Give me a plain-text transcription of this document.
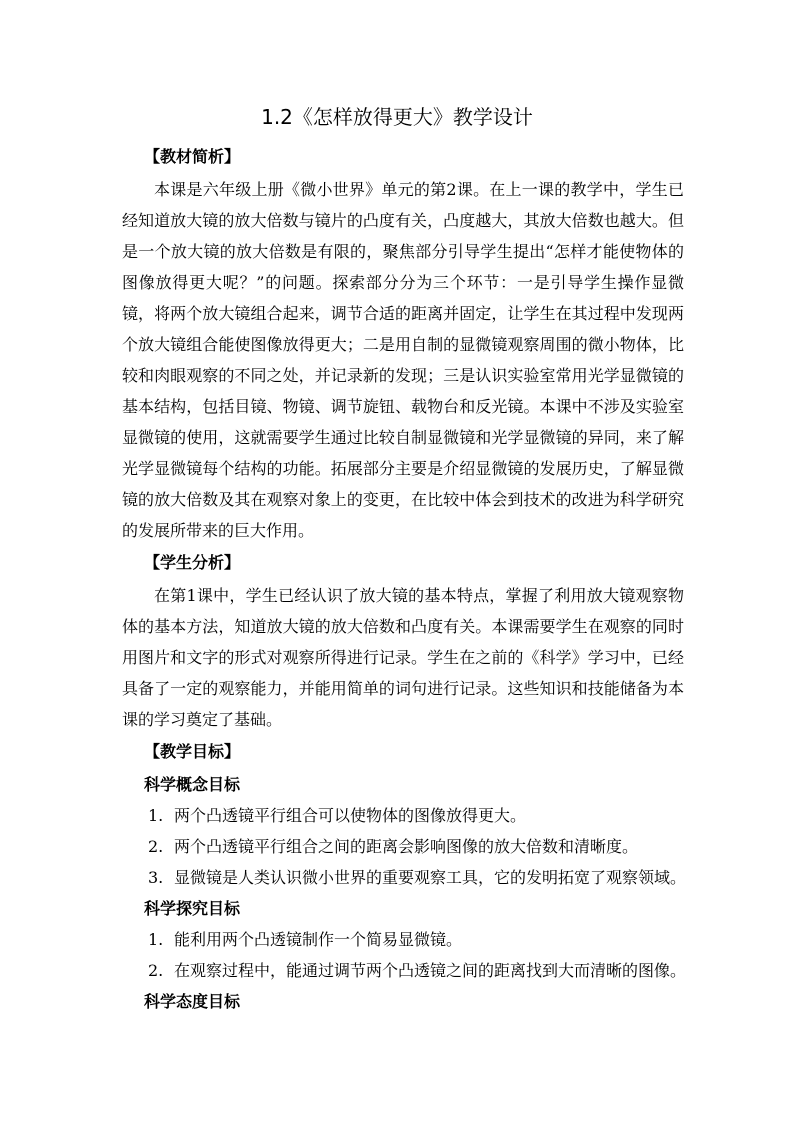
1.2《怎样放得更大》教学设计
【教材简析】

本课是六年级上册《微小世界》单元的第2课。在上一课的教学中，学生已经知道放大镜的放大倍数与镜片的凸度有关，凸度越大，其放大倍数也越大。但是一个放大镜的放大倍数是有限的，聚焦部分引导学生提出“怎样才能使物体的图像放得更大呢？”的问题。探索部分分为三个环节：一是引导学生操作显微镜，将两个放大镜组合起来，调节合适的距离并固定，让学生在其过程中发现两个放大镜组合能使图像放得更大；二是用自制的显微镜观察周围的微小物体，比较和肉眼观察的不同之处，并记录新的发现；三是认识实验室常用光学显微镜的基本结构，包括目镜、物镜、调节旋钮、载物台和反光镜。本课中不涉及实验室显微镜的使用，这就需要学生通过比较自制显微镜和光学显微镜的异同，来了解光学显微镜每个结构的功能。拓展部分主要是介绍显微镜的发展历史，了解显微镜的放大倍数及其在观察对象上的变更，在比较中体会到技术的改进为科学研究的发展所带来的巨大作用。

【学生分析】

在第1课中，学生已经认识了放大镜的基本特点，掌握了利用放大镜观察物体的基本方法，知道放大镜的放大倍数和凸度有关。本课需要学生在观察的同时用图片和文字的形式对观察所得进行记录。学生在之前的《科学》学习中，已经具备了一定的观察能力，并能用简单的词句进行记录。这些知识和技能储备为本课的学习奠定了基础。

【教学目标】
科学概念目标
1. 两个凸透镜平行组合可以使物体的图像放得更大。
2. 两个凸透镜平行组合之间的距离会影响图像的放大倍数和清晰度。
3. 显微镜是人类认识微小世界的重要观察工具，它的发明拓宽了观察领域。
科学探究目标
1. 能利用两个凸透镜制作一个简易显微镜。
2. 在观察过程中，能通过调节两个凸透镜之间的距离找到大而清晰的图像。
科学态度目标
